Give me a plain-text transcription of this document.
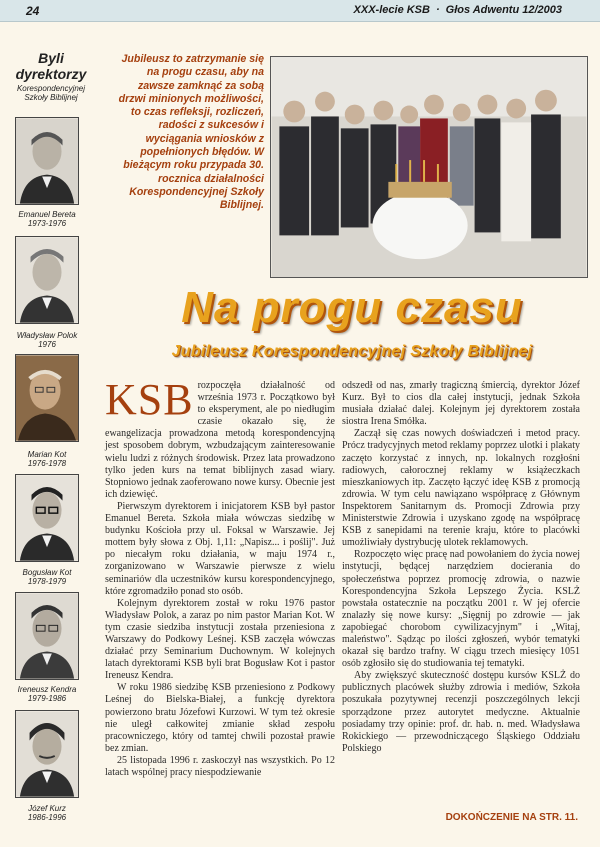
24	XXX-lecie KSB · Głos Adwentu 12/2003
Byli dyrektorzy
Korespondencyjnej Szkoły Biblijnej
Emanuel Bereta
1973-1976
Władysław Polok
1976
Marian Kot
1976-1978
Bogusław Kot
1978-1979
Ireneusz Kendra
1979-1986
Józef Kurz
1986-1996
Jubileusz to zatrzymanie się na progu czasu, aby na zawsze zamknąć za sobą drzwi minionych możliwości, to czas refleksji, rozliczeń, radości z sukcesów i wyciągania wniosków z popełnionych błędów. W bieżącym roku przypada 30. rocznica działalności Korespondencyjnej Szkoły Biblijnej.
Na progu czasu
Jubileusz Korespondencyjnej Szkoły Biblijnej

KSB rozpoczęła działalność od września 1973 r. Początkowo był to eksperyment, ale po niedługim czasie okazało się, że ewangelizacja prowadzona metodą korespondencyjną jest sposobem dobrym, wzbudzającym zainteresowanie wielu ludzi z różnych środowisk. Przez lata prowadzono tylko jeden kurs na temat biblijnych zasad wiary. Stopniowo jednak zaoferowano nowe kursy. Obecnie jest ich dziewięć.

Pierwszym dyrektorem i inicjatorem KSB był pastor Emanuel Bereta. Szkoła miała wówczas siedzibę w budynku Kościoła przy ul. Foksal w Warszawie. Jej mottem były słowa z Obj. 1,11: „Napisz... i poślij". Już po niecałym roku działania, w maju 1974 r., zorganizowano w Warszawie pierwsze z wielu seminariów dla uczestników kursu korespondencyjnego, które zgromadziło ponad sto osób.

Kolejnym dyrektorem został w roku 1976 pastor Władysław Polok, a zaraz po nim pastor Marian Kot. W tym czasie siedziba instytucji została przeniesiona z Warszawy do Podkowy Leśnej. KSB zaczęła wówczas działać przy Seminarium Duchownym. W kolejnych latach dyrektorami KSB byli brat Bogusław Kot i pastor Ireneusz Kendra.

W roku 1986 siedzibę KSB przeniesiono z Podkowy Leśnej do Bielska-Białej, a funkcję dyrektora powierzono bratu Józefowi Kurzowi. W tym też okresie nie uległ całkowitej zmianie skład zespołu pracowniczego, który od tamtej chwili pozostał prawie bez zmian.

25 listopada 1996 r. zaskoczył nas wszystkich. Po 12 latach wspólnej pracy niespodziewanie

odszedł od nas, zmarły tragiczną śmiercią, dyrektor Józef Kurz. Był to cios dla całej instytucji, jednak Szkoła musiała działać dalej. Kolejnym jej dyrektorem została siostra Irena Smółka.

Zaczął się czas nowych doświadczeń i metod pracy. Prócz tradycyjnych metod reklamy poprzez ulotki i plakaty zaczęto korzystać z innych, np. lokalnych rozgłośni radiowych, całorocznej reklamy w książeczkach mieszkaniowych itp. Zaczęto łączyć ideę KSB z promocją zdrowia. W tym celu nawiązano współpracę z Głównym Inspektorem Sanitarnym ds. Promocji Zdrowia przy Ministerstwie Zdrowia i uzyskano zgodę na współpracę KSB z sanepidami na terenie kraju, które to placówki umożliwiały dystrybucję ulotek reklamowych.

Rozpoczęto więc pracę nad powołaniem do życia nowej instytucji, będącej narzędziem docierania do społeczeństwa poprzez promocję zdrowia, o nazwie Korespondencyjna Szkoła Lepszego Życia. KSLŻ powstała ostatecznie na początku 2001 r. W jej ofercie znalazły się nowe kursy: „Sięgnij po zdrowie — jak zapobiegać chorobom cywilizacyjnym" i „Witaj, maleństwo". Sądząc po ilości zgłoszeń, wybór tematyki okazał się bardzo trafny. W ciągu trzech miesięcy 1051 osób zgłosiło się do studiowania tej tematyki.

Aby zwiększyć skuteczność dostępu kursów KSLŻ do publicznych placówek służby zdrowia i mediów, Szkoła poszukała pozytywnej recenzji poszczególnych lekcji sporządzone przez autorytet medyczne. Aktualnie posiadamy trzy opinie: prof. dr. hab. n. med. Władysława Rokickiego — przewodniczącego Śląskiego Oddziału Polskiego

DOKOŃCZENIE NA STR. 11.
